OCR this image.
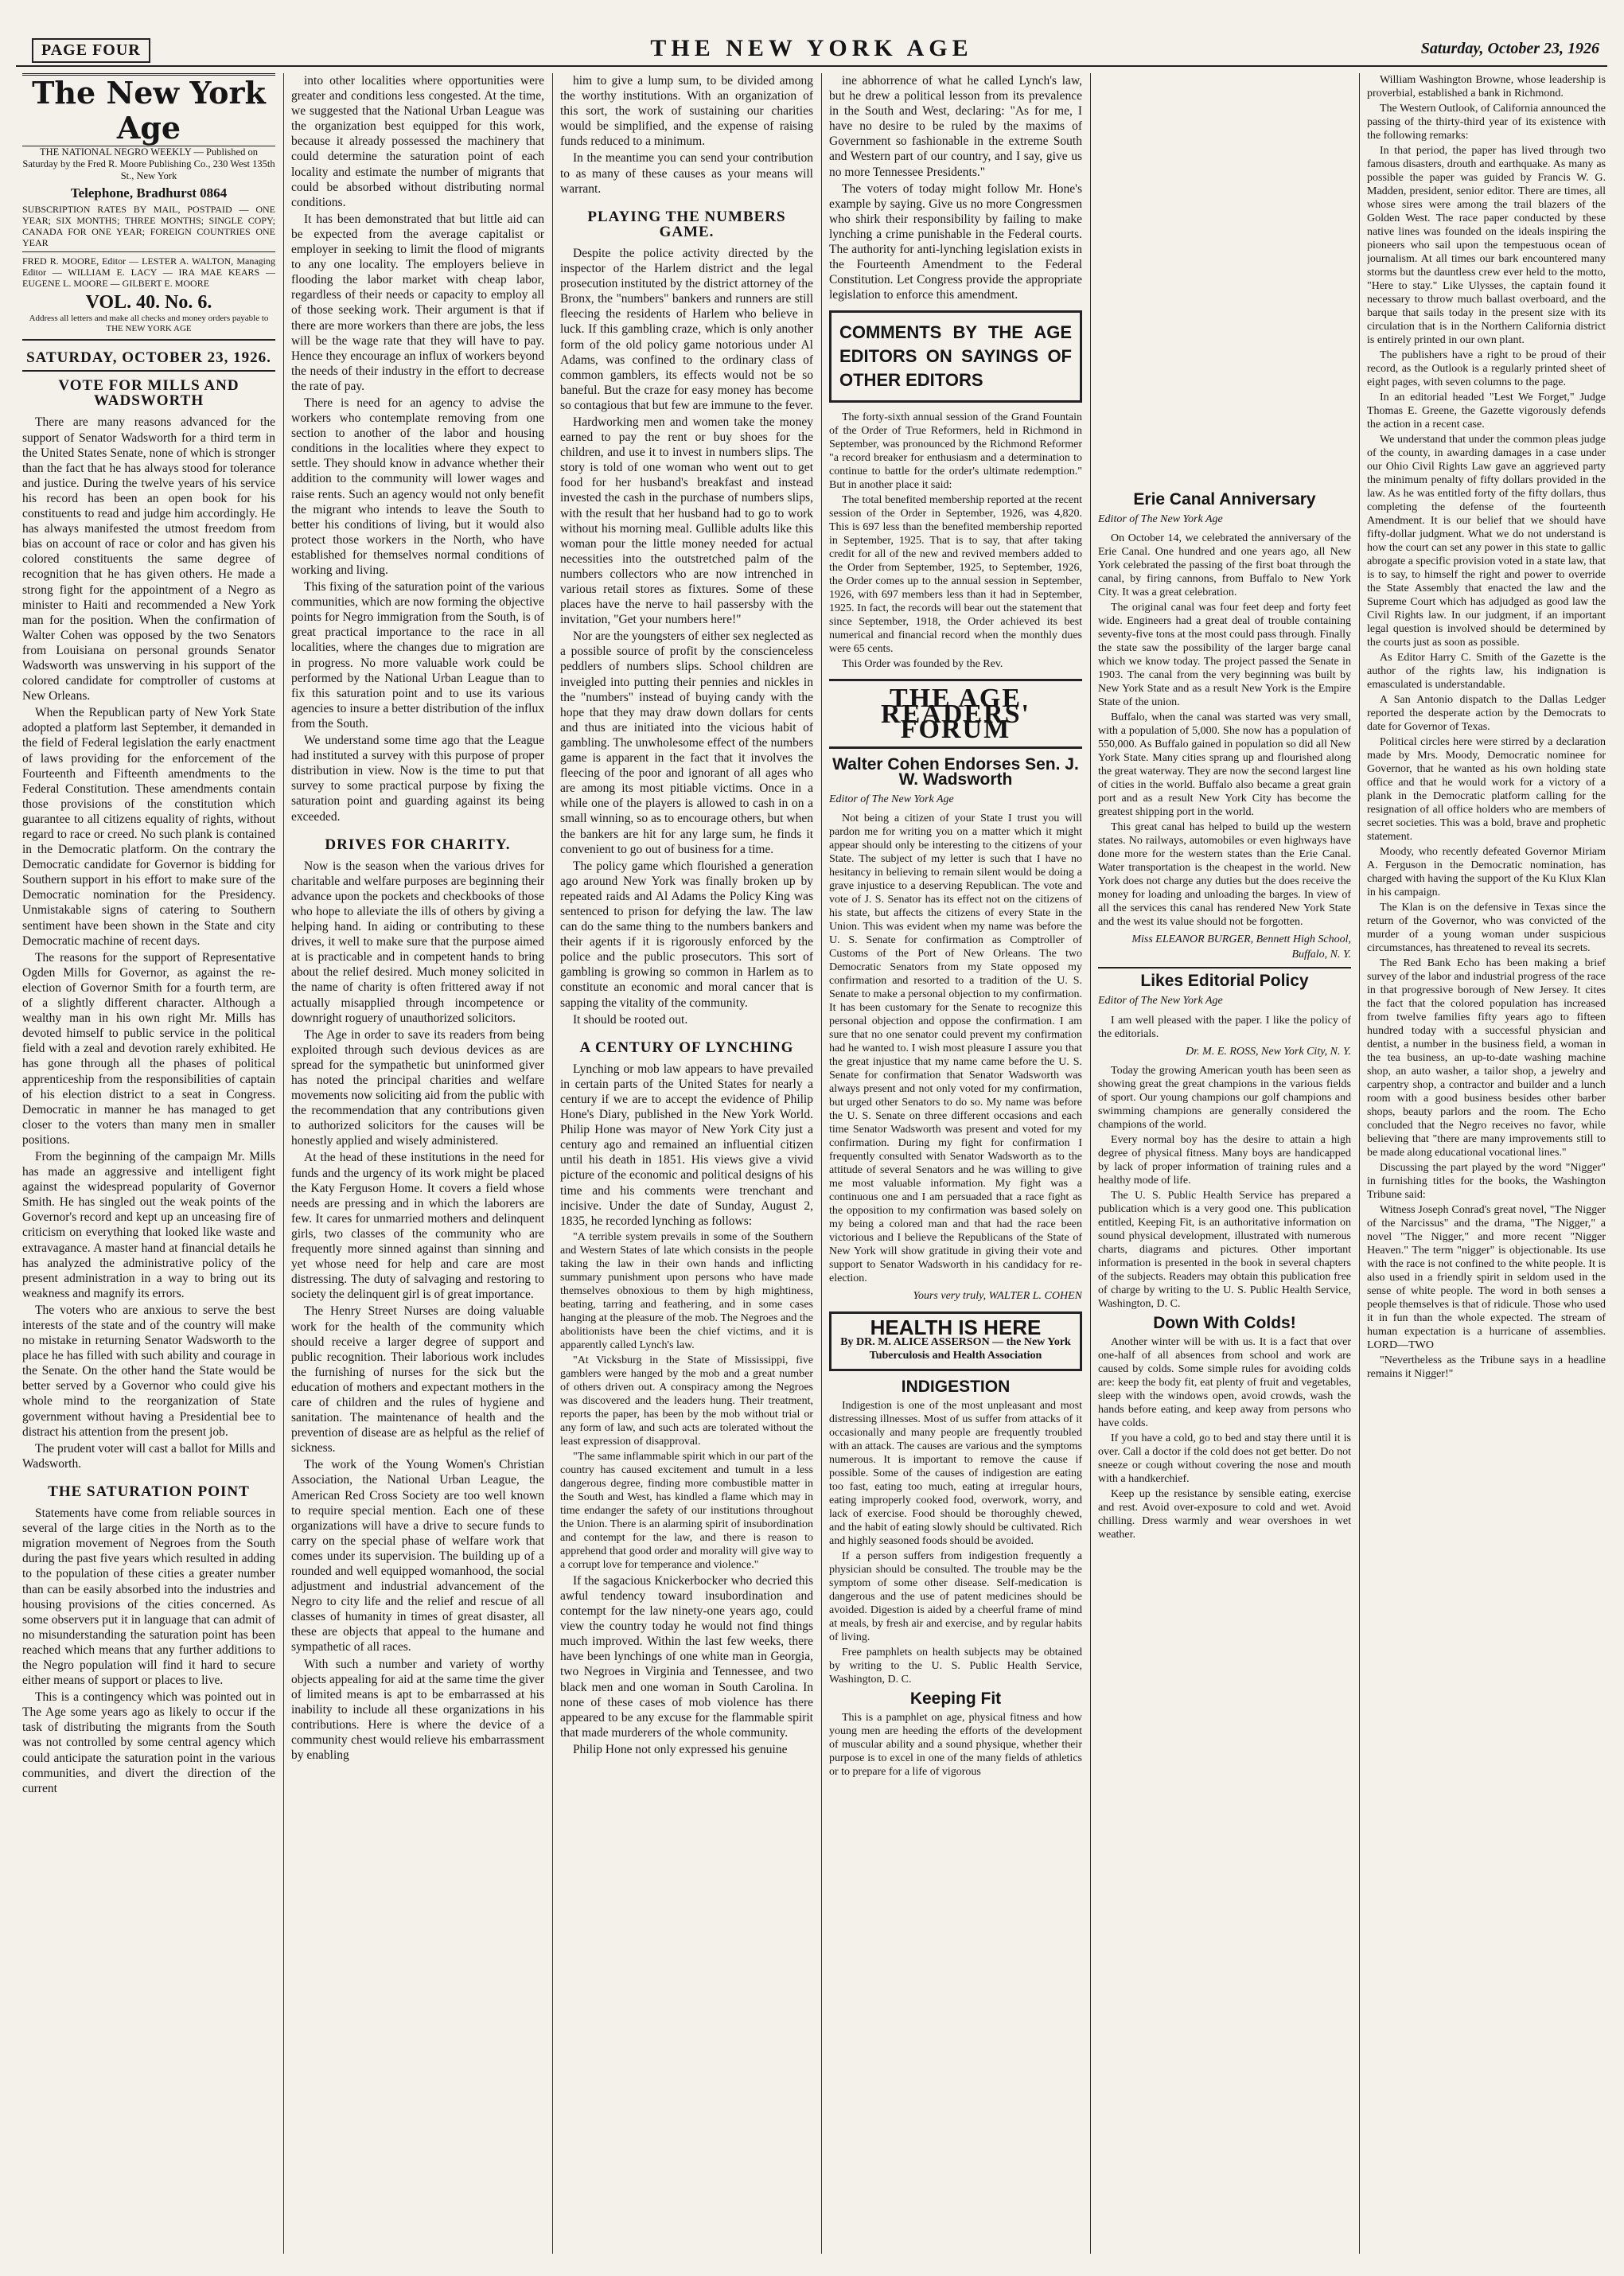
PAGE FOUR	THE NEW YORK AGE	Saturday, October 23, 1926
The New York Age
THE NATIONAL NEGRO WEEKLY — Published on Saturday by the Fred R. Moore Publishing Co., 230 West 135th St., New York
Telephone, Bradhurst 0864
SUBSCRIPTION RATES BY MAIL, POSTPAID — ONE YEAR; SIX MONTHS; THREE MONTHS; SINGLE COPY; CANADA FOR ONE YEAR; FOREIGN COUNTRIES ONE YEAR
FRED R. MOORE, Editor — LESTER A. WALTON, Managing Editor — WILLIAM E. LACY — IRA MAE KEARS — EUGENE L. MOORE — GILBERT E. MOORE
VOL. 40. No. 6.
Address all letters and make all checks and money orders payable to THE NEW YORK AGE
SATURDAY, OCTOBER 23, 1926.
VOTE FOR MILLS AND WADSWORTH

There are many reasons advanced for the support of Senator Wadsworth for a third term in the United States Senate, none of which is stronger than the fact that he has always stood for tolerance and justice. During the twelve years of his service his record has been an open book for his constituents to read and judge him accordingly. He has always manifested the utmost freedom from bias on account of race or color and has given his colored constituents the same degree of recognition that he has given others. He made a strong fight for the appointment of a Negro as minister to Haiti and recommended a New York man for the position. When the confirmation of Walter Cohen was opposed by the two Senators from Louisiana on personal grounds Senator Wadsworth was unswerving in his support of the colored candidate for comptroller of customs at New Orleans.

When the Republican party of New York State adopted a platform last September, it demanded in the field of Federal legislation the early enactment of laws providing for the enforcement of the Fourteenth and Fifteenth amendments to the Federal Constitution. These amendments contain those provisions of the constitution which guarantee to all citizens equality of rights, without regard to race or creed. No such plank is contained in the Democratic platform. On the contrary the Democratic candidate for Governor is bidding for Southern support in his effort to make sure of the Democratic nomination for the Presidency. Unmistakable signs of catering to Southern sentiment have been shown in the State and city Democratic machine of recent days.

The reasons for the support of Representative Ogden Mills for Governor, as against the re-election of Governor Smith for a fourth term, are of a slightly different character. Although a wealthy man in his own right Mr. Mills has devoted himself to public service in the political field with a zeal and devotion rarely exhibited. He has gone through all the phases of political apprenticeship from the responsibilities of captain of his election district to a seat in Congress. Democratic in manner he has managed to get closer to the voters than many men in smaller positions.

From the beginning of the campaign Mr. Mills has made an aggressive and intelligent fight against the widespread popularity of Governor Smith. He has singled out the weak points of the Governor's record and kept up an unceasing fire of criticism on everything that looked like waste and extravagance. A master hand at financial details he has analyzed the administrative policy of the present administration in a way to bring out its weakness and magnify its errors.

The voters who are anxious to serve the best interests of the state and of the country will make no mistake in returning Senator Wadsworth to the place he has filled with such ability and courage in the Senate. On the other hand the State would be better served by a Governor who could give his whole mind to the reorganization of State government without having a Presidential bee to distract his attention from the present job.

The prudent voter will cast a ballot for Mills and Wadsworth.

THE SATURATION POINT

Statements have come from reliable sources in several of the large cities in the North as to the migration movement of Negroes from the South during the past five years which resulted in adding to the population of these cities a greater number than can be easily absorbed into the industries and housing provisions of the cities concerned. As some observers put it in language that can admit of no misunderstanding the saturation point has been reached which means that any further additions to the Negro population will find it hard to secure either means of support or places to live.

This is a contingency which was pointed out in The Age some years ago as likely to occur if the task of distributing the migrants from the South was not controlled by some central agency which could anticipate the saturation point in the various communities, and divert the direction of the current

into other localities where opportunities were greater and conditions less congested. At the time, we suggested that the National Urban League was the organization best equipped for this work, because it already possessed the machinery that could determine the saturation point of each locality and estimate the number of migrants that could be absorbed without distributing normal conditions.

It has been demonstrated that but little aid can be expected from the average capitalist or employer in seeking to limit the flood of migrants to any one locality. The employers believe in flooding the labor market with cheap labor, regardless of their needs or capacity to employ all of those seeking work. Their argument is that if there are more workers than there are jobs, the less will be the wage rate that they will have to pay. Hence they encourage an influx of workers beyond the needs of their industry in the effort to decrease the rate of pay.

There is need for an agency to advise the workers who contemplate removing from one section to another of the labor and housing conditions in the localities where they expect to settle. They should know in advance whether their addition to the community will lower wages and raise rents. Such an agency would not only benefit the migrant who intends to leave the South to better his conditions of living, but it would also protect those workers in the North, who have established for themselves normal conditions of working and living.

This fixing of the saturation point of the various communities, which are now forming the objective points for Negro immigration from the South, is of great practical importance to the race in all localities, where the changes due to migration are in progress. No more valuable work could be performed by the National Urban League than to fix this saturation point and to use its various agencies to insure a better distribution of the influx from the South.

We understand some time ago that the League had instituted a survey with this purpose of proper distribution in view. Now is the time to put that survey to some practical purpose by fixing the saturation point and guarding against its being exceeded.

DRIVES FOR CHARITY.

Now is the season when the various drives for charitable and welfare purposes are beginning their advance upon the pockets and checkbooks of those who hope to alleviate the ills of others by giving a helping hand. In aiding or contributing to these drives, it well to make sure that the purpose aimed at is practicable and in competent hands to bring about the relief desired. Much money solicited in the name of charity is often frittered away if not actually misapplied through incompetence or downright roguery of unauthorized solicitors.

The Age in order to save its readers from being exploited through such devious devices as are spread for the sympathetic but uninformed giver has noted the principal charities and welfare movements now soliciting aid from the public with the recommendation that any contributions given to authorized solicitors for the causes will be honestly applied and wisely administered.

At the head of these institutions in the need for funds and the urgency of its work might be placed the Katy Ferguson Home. It covers a field whose needs are pressing and in which the laborers are few. It cares for unmarried mothers and delinquent girls, two classes of the community who are frequently more sinned against than sinning and yet whose need for help and care are most distressing. The duty of salvaging and restoring to society the delinquent girl is of great importance.

The Henry Street Nurses are doing valuable work for the health of the community which should receive a larger degree of support and public recognition. Their laborious work includes the furnishing of nurses for the sick but the education of mothers and expectant mothers in the care of children and the rules of hygiene and sanitation. The maintenance of health and the prevention of disease are as helpful as the relief of sickness.

The work of the Young Women's Christian Association, the National Urban League, the American Red Cross Society are too well known to require special mention. Each one of these organizations will have a drive to secure funds to carry on the special phase of welfare work that comes under its supervision. The building up of a rounded and well equipped womanhood, the social adjustment and industrial advancement of the Negro to city life and the relief and rescue of all classes of humanity in times of great disaster, all these are objects that appeal to the humane and sympathetic of all races.

With such a number and variety of worthy objects appealing for aid at the same time the giver of limited means is apt to be embarrassed at his inability to include all these organizations in his contributions. Here is where the device of a community chest would relieve his embarrassment by enabling

him to give a lump sum, to be divided among the worthy institutions. With an organization of this sort, the work of sustaining our charities would be simplified, and the expense of raising funds reduced to a minimum.

In the meantime you can send your contribution to as many of these causes as your means will warrant.

PLAYING THE NUMBERS GAME.

Despite the police activity directed by the inspector of the Harlem district and the legal prosecution instituted by the district attorney of the Bronx, the "numbers" bankers and runners are still fleecing the residents of Harlem who believe in luck. If this gambling craze, which is only another form of the old policy game notorious under Al Adams, was confined to the ordinary class of common gamblers, its effects would not be so baneful. But the craze for easy money has become so contagious that but few are immune to the fever.

Hardworking men and women take the money earned to pay the rent or buy shoes for the children, and use it to invest in numbers slips. The story is told of one woman who went out to get food for her husband's breakfast and instead invested the cash in the purchase of numbers slips, with the result that her husband had to go to work without his morning meal. Gullible adults like this woman pour the little money needed for actual necessities into the outstretched palm of the numbers collectors who are now intrenched in various retail stores as fixtures. Some of these places have the nerve to hail passersby with the invitation, "Get your numbers here!"

Nor are the youngsters of either sex neglected as a possible source of profit by the conscienceless peddlers of numbers slips. School children are inveigled into putting their pennies and nickles in the "numbers" instead of buying candy with the hope that they may draw down dollars for cents and thus are initiated into the vicious habit of gambling. The unwholesome effect of the numbers game is apparent in the fact that it involves the fleecing of the poor and ignorant of all ages who are among its most pitiable victims. Once in a while one of the players is allowed to cash in on a small winning, so as to encourage others, but when the bankers are hit for any large sum, he finds it convenient to go out of business for a time.

The policy game which flourished a generation ago around New York was finally broken up by repeated raids and Al Adams the Policy King was sentenced to prison for defying the law. The law can do the same thing to the numbers bankers and their agents if it is rigorously enforced by the police and the public prosecutors. This sort of gambling is growing so common in Harlem as to constitute an economic and moral cancer that is sapping the vitality of the community.

It should be rooted out.

A CENTURY OF LYNCHING

Lynching or mob law appears to have prevailed in certain parts of the United States for nearly a century if we are to accept the evidence of Philip Hone's Diary, published in the New York World. Philip Hone was mayor of New York City just a century ago and remained an influential citizen until his death in 1851. His views give a vivid picture of the economic and political designs of his time and his comments were trenchant and incisive. Under the date of Sunday, August 2, 1835, he recorded lynching as follows:

"A terrible system prevails in some of the Southern and Western States of late which consists in the people taking the law in their own hands and inflicting summary punishment upon persons who have made themselves obnoxious to them by high mightiness, beating, tarring and feathering, and in some cases hanging at the pleasure of the mob. The Negroes and the abolitionists have been the chief victims, and it is apparently called Lynch's law.

"At Vicksburg in the State of Mississippi, five gamblers were hanged by the mob and a great number of others driven out. A conspiracy among the Negroes was discovered and the leaders hung. Their treatment, reports the paper, has been by the mob without trial or any form of law, and such acts are tolerated without the least expression of disapproval.

"The same inflammable spirit which in our part of the country has caused excitement and tumult in a less dangerous degree, finding more combustible matter in the South and West, has kindled a flame which may in time endanger the safety of our institutions throughout the Union. There is an alarming spirit of insubordination and contempt for the law, and there is reason to apprehend that good order and morality will give way to a corrupt love for temperance and violence."

If the sagacious Knickerbocker who decried this awful tendency toward insubordination and contempt for the law ninety-one years ago, could view the country today he would not find things much improved. Within the last few weeks, there have been lynchings of one white man in Georgia, two Negroes in Virginia and Tennessee, and two black men and one woman in South Carolina. In none of these cases of mob violence has there appeared to be any excuse for the flammable spirit that made murderers of the whole community.

Philip Hone not only expressed his genuine

ine abhorrence of what he called Lynch's law, but he drew a political lesson from its prevalence in the South and West, declaring: "As for me, I have no desire to be ruled by the maxims of Government so fashionable in the extreme South and Western part of our country, and I say, give us no more Tennessee Presidents."

The voters of today might follow Mr. Hone's example by saying. Give us no more Congressmen who shirk their responsibility by failing to make lynching a crime punishable in the Federal courts. The authority for anti-lynching legislation exists in the Fourteenth Amendment to the Federal Constitution. Let Congress provide the appropriate legislation to enforce this amendment.

COMMENTS BY THE AGE EDITORS ON SAYINGS OF OTHER EDITORS

The forty-sixth annual session of the Grand Fountain of the Order of True Reformers, held in Richmond in September, was pronounced by the Richmond Reformer "a record breaker for enthusiasm and a determination to continue to battle for the order's ultimate redemption." But in another place it said:

The total benefited membership reported at the recent session of the Order in September, 1926, was 4,820. This is 697 less than the benefited membership reported in September, 1925. That is to say, that after taking credit for all of the new and revived members added to the Order from September, 1925, to September, 1926, the Order comes up to the annual session in September, 1926, with 697 members less than it had in September, 1925. In fact, the records will bear out the statement that since September, 1918, the Order achieved its best numerical and financial record when the monthly dues were 65 cents.

This Order was founded by the Rev.

THE AGE READERS' FORUM
Walter Cohen Endorses Sen. J. W. Wadsworth
Editor of The New York Age

Not being a citizen of your State I trust you will pardon me for writing you on a matter which it might appear should only be interesting to the citizens of your State. The subject of my letter is such that I have no hesitancy in believing to remain silent would be doing a grave injustice to a deserving Republican. The vote and vote of J. S. Senator has its effect not on the citizens of his state, but affects the citizens of every State in the Union. This was evident when my name was before the U. S. Senate for confirmation as Comptroller of Customs of the Port of New Orleans. The two Democratic Senators from my State opposed my confirmation and resorted to a tradition of the U. S. Senate to make a personal objection to my confirmation. It has been customary for the Senate to recognize this personal objection and oppose the confirmation. I am sure that no one senator could prevent my confirmation had he wanted to. I wish most pleasure I assure you that the great injustice that my name came before the U. S. Senate for confirmation that Senator Wadsworth was always present and not only voted for my confirmation, but urged other Senators to do so. My name was before the U. S. Senate on three different occasions and each time Senator Wadsworth was present and voted for my confirmation. During my fight for confirmation I frequently consulted with Senator Wadsworth as to the attitude of several Senators and he was willing to give me most valuable information. My fight was a continuous one and I am persuaded that a race fight as the opposition to my confirmation was based solely on my being a colored man and that had the race been victorious and I believe the Republicans of the State of New York will show gratitude in giving their vote and support to Senator Wadsworth in his candidacy for re-election.

Yours very truly, WALTER L. COHEN
HEALTH IS HERE
By DR. M. ALICE ASSERSON — the New York Tuberculosis and Health Association
INDIGESTION

Indigestion is one of the most unpleasant and most distressing illnesses. Most of us suffer from attacks of it occasionally and many people are frequently troubled with an attack. The causes are various and the symptoms numerous. It is important to remove the cause if possible. Some of the causes of indigestion are eating too fast, eating too much, eating at irregular hours, eating improperly cooked food, overwork, worry, and lack of exercise. Food should be thoroughly chewed, and the habit of eating slowly should be cultivated. Rich and highly seasoned foods should be avoided.

If a person suffers from indigestion frequently a physician should be consulted. The trouble may be the symptom of some other disease. Self-medication is dangerous and the use of patent medicines should be avoided. Digestion is aided by a cheerful frame of mind at meals, by fresh air and exercise, and by regular habits of living.

Free pamphlets on health subjects may be obtained by writing to the U. S. Public Health Service, Washington, D. C.

Keeping Fit

This is a pamphlet on age, physical fitness and how young men are heeding the efforts of the development of muscular ability and a sound physique, whether their purpose is to excel in one of the many fields of athletics or to prepare for a life of vigorous

Erie Canal Anniversary
Editor of The New York Age

On October 14, we celebrated the anniversary of the Erie Canal. One hundred and one years ago, all New York celebrated the passing of the first boat through the canal, by firing cannons, from Buffalo to New York City. It was a great celebration.

The original canal was four feet deep and forty feet wide. Engineers had a great deal of trouble containing seventy-five tons at the most could pass through. Finally the state saw the possibility of the larger barge canal which we know today. The project passed the Senate in 1903. The canal from the very beginning was built by New York State and as a result New York is the Empire State of the union.

Buffalo, when the canal was started was very small, with a population of 5,000. She now has a population of 550,000. As Buffalo gained in population so did all New York State. Many cities sprang up and flourished along the great waterway. They are now the second largest line of cities in the world. Buffalo also became a great grain port and as a result New York City has become the greatest shipping port in the world.

This great canal has helped to build up the western states. No railways, automobiles or even highways have done more for the western states than the Erie Canal. Water transportation is the cheapest in the world. New York does not charge any duties but the does receive the money for loading and unloading the barges. In view of all the services this canal has rendered New York State and the west its value should not be forgotten.

Miss ELEANOR BURGER, Bennett High School, Buffalo, N. Y.
Likes Editorial Policy
Editor of The New York Age

I am well pleased with the paper. I like the policy of the editorials.

Dr. M. E. ROSS, New York City, N. Y.

Today the growing American youth has been seen as showing great the great champions in the various fields of sport. Our young champions our golf champions and swimming champions are generally considered the champions of the world.

Every normal boy has the desire to attain a high degree of physical fitness. Many boys are handicapped by lack of proper information of training rules and a healthy mode of life.

The U. S. Public Health Service has prepared a publication which is a very good one. This publication entitled, Keeping Fit, is an authoritative information on sound physical development, illustrated with numerous charts, diagrams and pictures. Other important information is presented in the book in several chapters of the subjects. Readers may obtain this publication free of charge by writing to the U. S. Public Health Service, Washington, D. C.

Down With Colds!

Another winter will be with us. It is a fact that over one-half of all absences from school and work are caused by colds. Some simple rules for avoiding colds are: keep the body fit, eat plenty of fruit and vegetables, sleep with the windows open, avoid crowds, wash the hands before eating, and keep away from persons who have colds.

If you have a cold, go to bed and stay there until it is over. Call a doctor if the cold does not get better. Do not sneeze or cough without covering the nose and mouth with a handkerchief.

Keep up the resistance by sensible eating, exercise and rest. Avoid over-exposure to cold and wet. Avoid chilling. Dress warmly and wear overshoes in wet weather.

William Washington Browne, whose leadership is proverbial, established a bank in Richmond.

The Western Outlook, of California announced the passing of the thirty-third year of its existence with the following remarks:

In that period, the paper has lived through two famous disasters, drouth and earthquake. As many as possible the paper was guided by Francis W. G. Madden, president, senior editor. There are times, all whose sires were among the trail blazers of the Golden West. The race paper conducted by these native lines was founded on the ideals inspiring the pioneers who sail upon the tempestuous ocean of journalism. At all times our bark encountered many storms but the dauntless crew ever held to the motto, "Here to stay." Like Ulysses, the captain found it necessary to throw much ballast overboard, and the barque that sails today in the present size with its circulation that is in the Northern California district is entirely printed in our own plant.

The publishers have a right to be proud of their record, as the Outlook is a regularly printed sheet of eight pages, with seven columns to the page.

In an editorial headed "Lest We Forget," Judge Thomas E. Greene, the Gazette vigorously defends the action in a recent case.

We understand that under the common pleas judge of the county, in awarding damages in a case under our Ohio Civil Rights Law gave an aggrieved party the minimum penalty of fifty dollars provided in the law. As he was entitled forty of the fifty dollars, thus completing the defense of the fourteenth Amendment. It is our belief that we should have fifty-dollar judgment. What we do not understand is how the court can set any power in this state to gallic abrogate a specific provision voted in a state law, that is to say, to himself the right and power to override the State Assembly that enacted the law and the Supreme Court which has adjudged as good law the Civil Rights law. In our judgment, if an important legal question is involved should be determined by the courts just as soon as possible.

As Editor Harry C. Smith of the Gazette is the author of the rights law, his indignation is emasculated is understandable.

A San Antonio dispatch to the Dallas Ledger reported the desperate action by the Democrats to date for Governor of Texas.

Political circles here were stirred by a declaration made by Mrs. Moody, Democratic nominee for Governor, that he wanted as his own holding state office and that he would work for a victory of a plank in the Democratic platform calling for the resignation of all office holders who are members of secret societies. This was a bold, brave and prophetic statement.

Moody, who recently defeated Governor Miriam A. Ferguson in the Democratic nomination, has charged with having the support of the Ku Klux Klan in his campaign.

The Klan is on the defensive in Texas since the return of the Governor, who was convicted of the murder of a young woman under suspicious circumstances, has threatened to reveal its secrets.

The Red Bank Echo has been making a brief survey of the labor and industrial progress of the race in that progressive borough of New Jersey. It cites the fact that the colored population has increased from twelve families fifty years ago to fifteen hundred today with a successful physician and dentist, a number in the business field, a woman in the tea business, an up-to-date washing machine shop, an auto washer, a tailor shop, a jewelry and carpentry shop, a contractor and builder and a lunch room with a good business besides other barber shops, beauty parlors and the room. The Echo concluded that the Negro receives no favor, while believing that "there are many improvements still to be made along educational vocational lines."

Discussing the part played by the word "Nigger" in furnishing titles for the books, the Washington Tribune said:

Witness Joseph Conrad's great novel, "The Nigger of the Narcissus" and the drama, "The Nigger," a novel "The Nigger," and more recent "Nigger Heaven." The term "nigger" is objectionable. Its use with the race is not confined to the white people. It is also used in a friendly spirit in seldom used in the sense of white people. The word in both senses a people themselves is that of ridicule. Those who used it in fun than the whole expected. The stream of human expectation is a hurricane of assemblies. LORD—TWO

"Nevertheless as the Tribune says in a headline remains it Nigger!"
